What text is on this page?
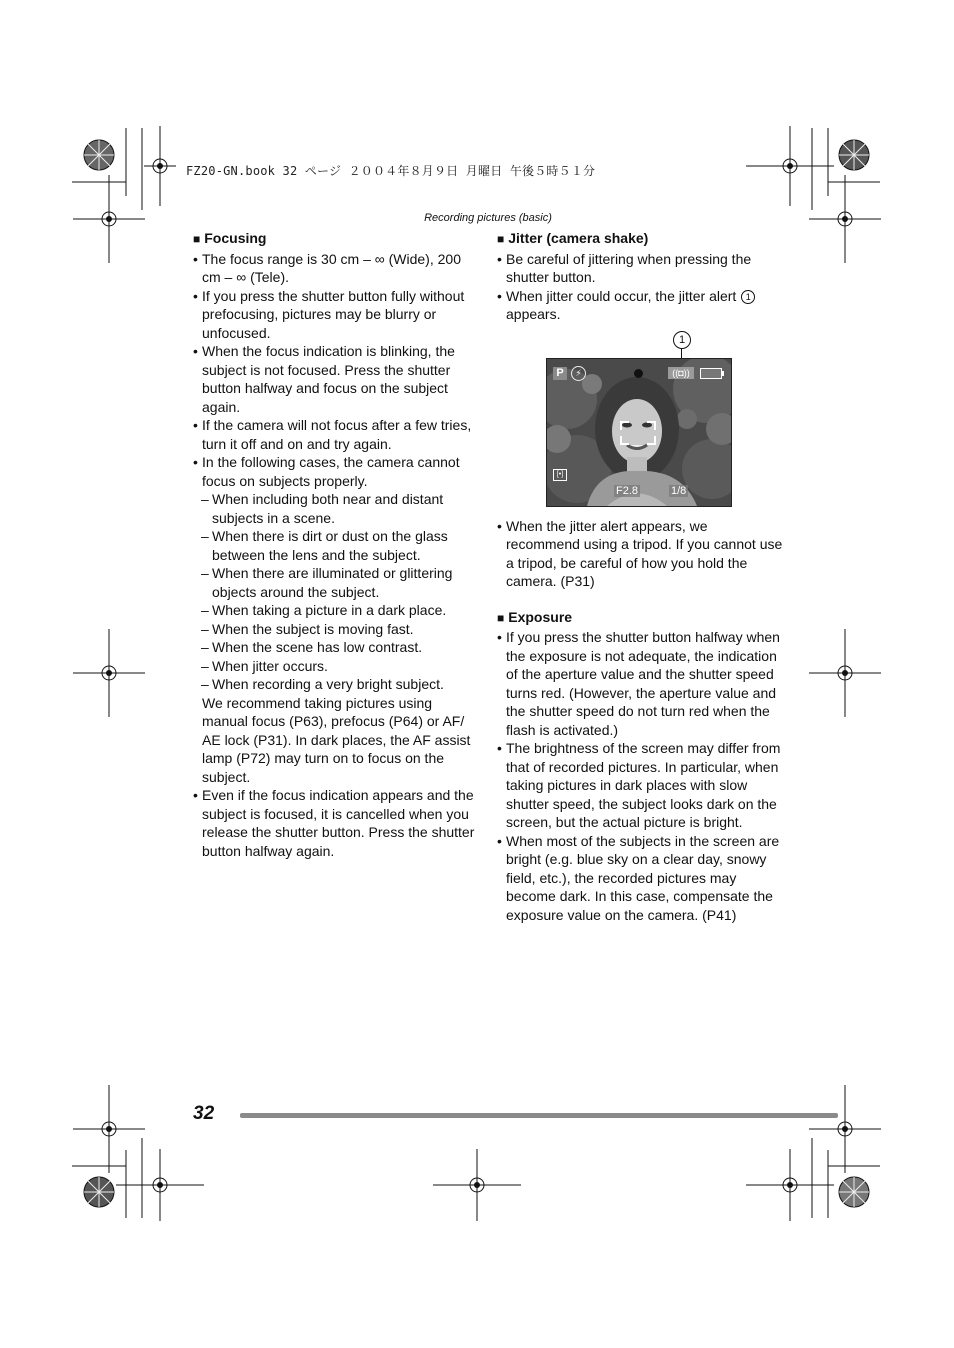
FZ20-GN.book 32 ページ ２００４年８月９日 月曜日 午後５時５１分
Recording pictures (basic)

■ Focusing

• The focus range is 30 cm – ∞ (Wide), 200 cm – ∞ (Tele).

• If you press the shutter button fully without prefocusing, pictures may be blurry or unfocused.

• When the focus indication is blinking, the subject is not focused. Press the shutter button halfway and focus on the subject again.

• If the camera will not focus after a few tries, turn it off and on and try again.

• In the following cases, the camera cannot focus on subjects properly.

– When including both near and distant subjects in a scene.

– When there is dirt or dust on the glass between the lens and the subject.

– When there are illuminated or glittering objects around the subject.

– When taking a picture in a dark place.

– When the subject is moving fast.

– When the scene has low contrast.

– When jitter occurs.

– When recording a very bright subject.

We recommend taking pictures using manual focus (P63), prefocus (P64) or AF/ AE lock (P31). In dark places, the AF assist lamp (P72) may turn on to focus on the subject.

• Even if the focus indication appears and the subject is focused, it is cancelled when you release the shutter button. Press the shutter button halfway again.

■ Jitter (camera shake)

• Be careful of jittering when pressing the shutter button.

• When jitter could occur, the jitter alert 1
appears.

• When the jitter alert appears, we recommend using a tripod. If you cannot use a tripod, be careful of how you hold the camera. (P31)

■ Exposure

• If you press the shutter button halfway when the exposure is not adequate, the indication of the aperture value and the shutter speed turns red. (However, the aperture value and the shutter speed do not turn red when the flash is activated.)

• The brightness of the screen may differ from that of recorded pictures. In particular, when taking pictures in dark places with slow shutter speed, the subject looks dark on the screen, but the actual picture is bright.

• When most of the subjects in the screen are bright (e.g. blue sky on a clear day, snowy field, etc.), the recorded pictures may become dark. In this case, compensate the exposure value on the camera. (P41)

1
P	⚡	((◘))
[•]
F2.8	1/8
32
